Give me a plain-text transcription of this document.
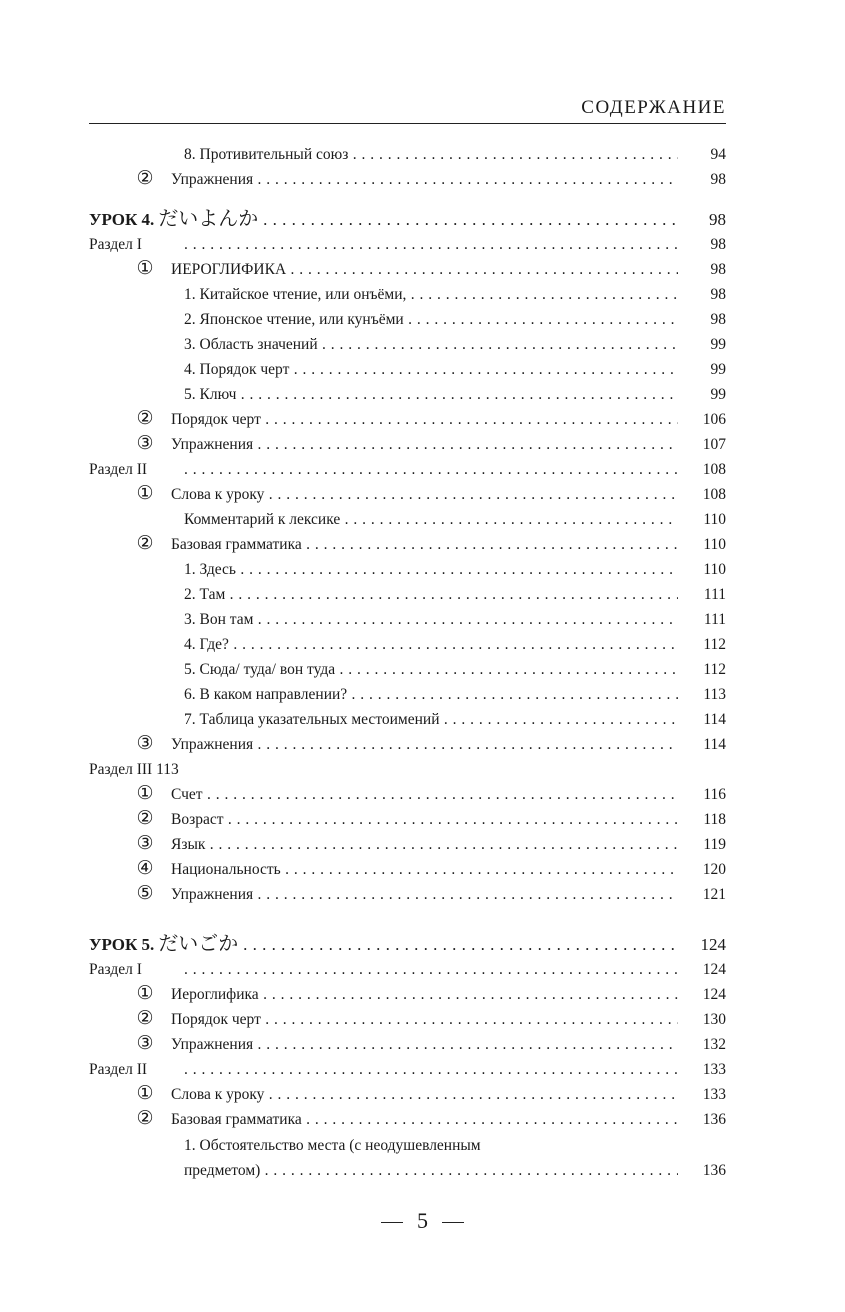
СОДЕРЖАНИЕ
8. Противительный союз . . .	94
② Упражнения . . .	98
УРОК 4. だいよんか . . .	98
Раздел I . . .	98
① ИЕРОГЛИФИКА . . .	98
1. Китайское чтение, или онъёми, . . .	98
2. Японское чтение, или кунъёми . . .	98
3. Область значений . . .	99
4. Порядок черт . . .	99
5. Ключ . . .	99
② Порядок черт . . .	106
③ Упражнения . . .	107
Раздел II . . .	108
① Слова к уроку . . .	108
Комментарий к лексике . . .	110
② Базовая грамматика . . .	110
1. Здесь . . .	110
2. Там . . .	111
3. Вон там . . .	111
4. Где? . . .	112
5. Сюда/ туда/ вон туда . . .	112
6. В каком направлении? . . .	113
7. Таблица указательных местоимений . . .	114
③ Упражнения . . .	114
Раздел III 113
① Счет . . .	116
② Возраст . . .	118
③ Язык . . .	119
④ Национальность . . .	120
⑤ Упражнения . . .	121
УРОК 5. だいごか . . .	124
Раздел I . . .	124
① Иероглифика . . .	124
② Порядок черт . . .	130
③ Упражнения . . .	132
Раздел II . . .	133
① Слова к уроку . . .	133
② Базовая грамматика . . .	136
1. Обстоятельство места (с неодушевленным
предметом) . . .	136
5
